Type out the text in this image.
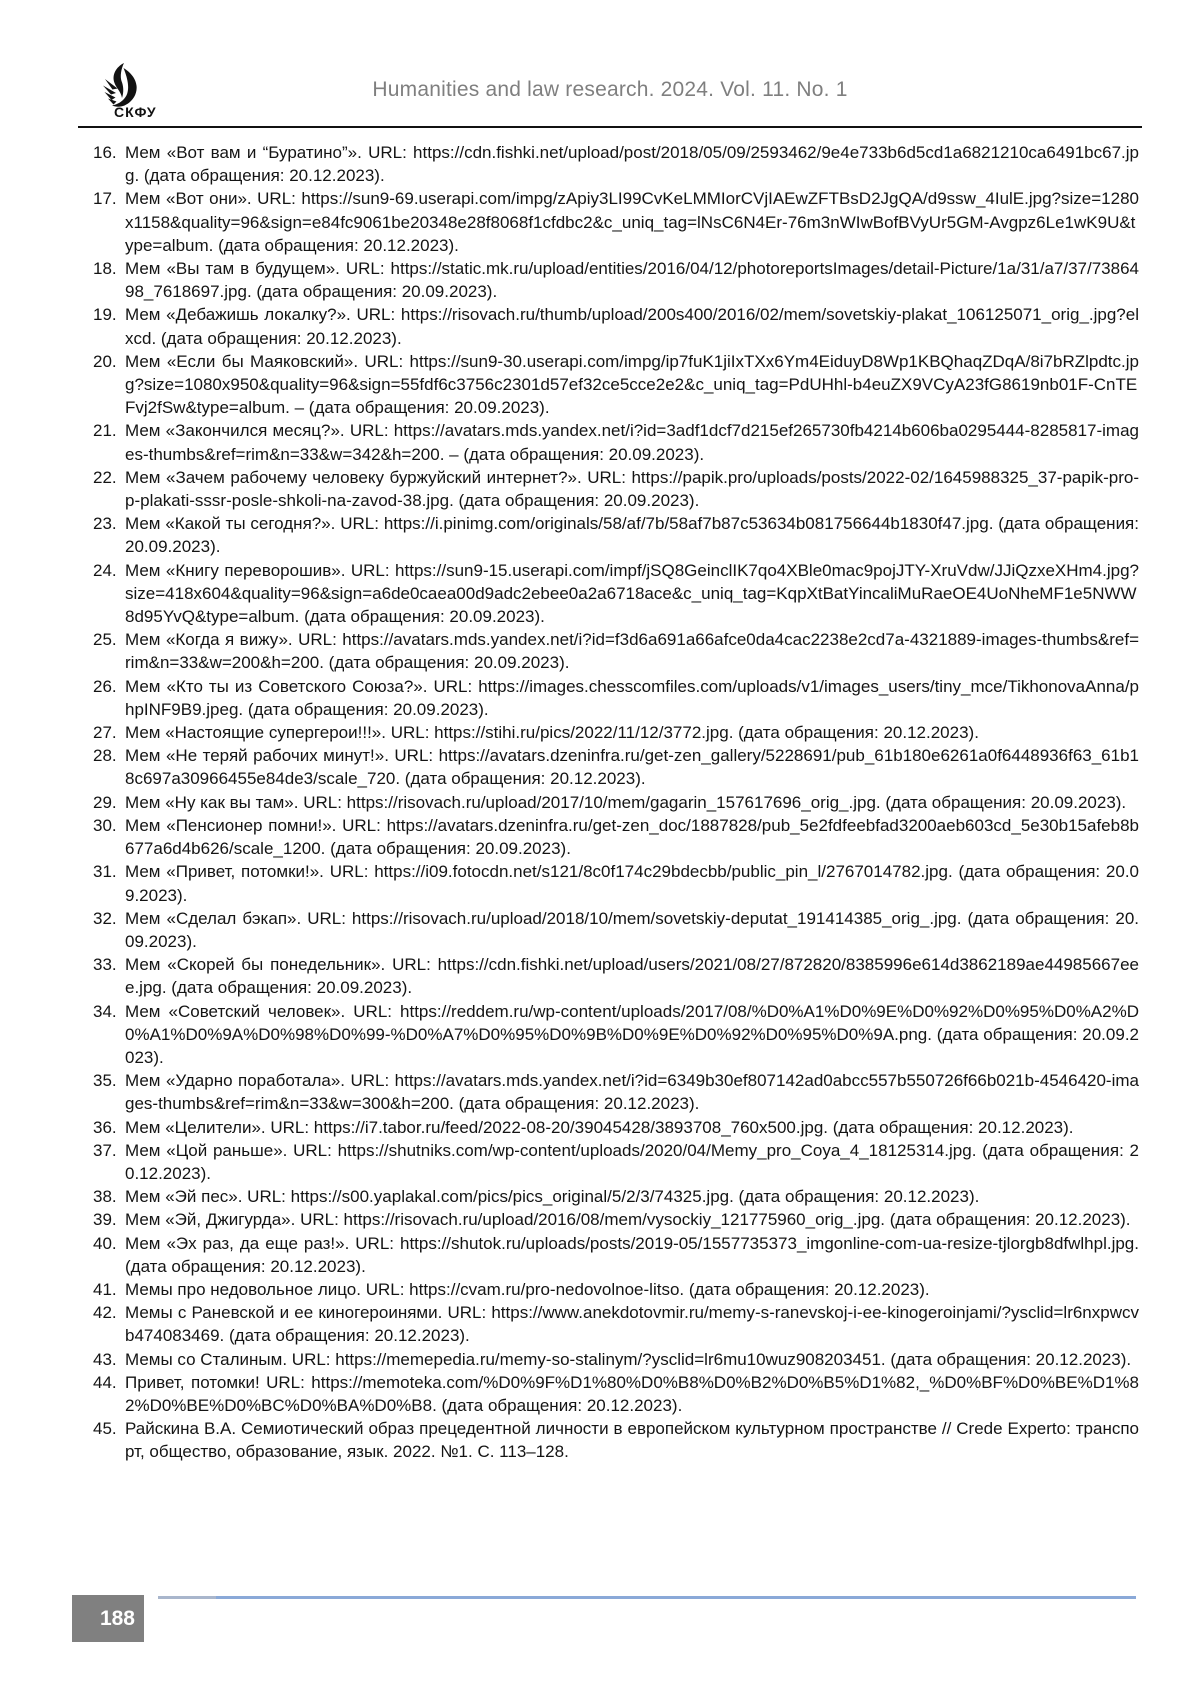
СКФУ
Humanities and law research. 2024. Vol. 11. No. 1
16. Мем «Вот вам и “Буратино”». URL: https://cdn.fishki.net/upload/post/2018/05/09/2593462/9e4e733b6d5cd1a6821210ca6491bc67.jpg. (дата обращения: 20.12.2023).
17. Мем «Вот они». URL: https://sun9-69.userapi.com/impg/zApiy3LI99CvKeLMMIorCVjIAEwZFTBsD2JgQA/d9ssw_4IulE.jpg?size=1280x1158&quality=96&sign=e84fc9061be20348e28f8068f1cfdbc2&c_uniq_tag=lNsC6N4Er-76m3nWIwBofBVyUr5GM-Avgpz6Le1wK9U&type=album. (дата обращения: 20.12.2023).
18. Мем «Вы там в будущем». URL: https://static.mk.ru/upload/entities/2016/04/12/photoreportsImages/detail-Picture/1a/31/a7/37/7386498_7618697.jpg. (дата обращения: 20.09.2023).
19. Мем «Дебажишь локалку?». URL: https://risovach.ru/thumb/upload/200s400/2016/02/mem/sovetskiy-plakat_106125071_orig_.jpg?elxcd. (дата обращения: 20.12.2023).
20. Мем «Если бы Маяковский». URL: https://sun9-30.userapi.com/impg/ip7fuK1jiIxTXx6Ym4EiduyD8Wp1KBQhaqZDqA/8i7bRZlpdtc.jpg?size=1080x950&quality=96&sign=55fdf6c3756c2301d57ef32ce5cce2e2&c_uniq_tag=PdUHhl-b4euZX9VCyA23fG8619nb01F-CnTEFvj2fSw&type=album. – (дата обращения: 20.09.2023).
21. Мем «Закончился месяц?». URL: https://avatars.mds.yandex.net/i?id=3adf1dcf7d215ef265730fb4214b606ba0295444-8285817-images-thumbs&ref=rim&n=33&w=342&h=200. – (дата обращения: 20.09.2023).
22. Мем «Зачем рабочему человеку буржуйский интернет?». URL: https://papik.pro/uploads/posts/2022-02/1645988325_37-papik-pro-p-plakati-sssr-posle-shkoli-na-zavod-38.jpg. (дата обращения: 20.09.2023).
23. Мем «Какой ты сегодня?». URL: https://i.pinimg.com/originals/58/af/7b/58af7b87c53634b081756644b1830f47.jpg. (дата обращения: 20.09.2023).
24. Мем «Книгу переворошив». URL: https://sun9-15.userapi.com/impf/jSQ8GeinclIK7qo4XBle0mac9pojJTY-XruVdw/JJiQzxeXHm4.jpg?size=418x604&quality=96&sign=a6de0caea00d9adc2ebee0a2a6718ace&c_uniq_tag=KqpXtBatYincaliMuRaeOE4UoNheMF1e5NWW8d95YvQ&type=album. (дата обращения: 20.09.2023).
25. Мем «Когда я вижу». URL: https://avatars.mds.yandex.net/i?id=f3d6a691a66afce0da4cac2238e2cd7a-4321889-images-thumbs&ref=rim&n=33&w=200&h=200. (дата обращения: 20.09.2023).
26. Мем «Кто ты из Советского Союза?». URL: https://images.chesscomfiles.com/uploads/v1/images_users/tiny_mce/TikhonovaAnna/phpINF9B9.jpeg. (дата обращения: 20.09.2023).
27. Мем «Настоящие супергерои!!!». URL: https://stihi.ru/pics/2022/11/12/3772.jpg. (дата обращения: 20.12.2023).
28. Мем «Не теряй рабочих минут!». URL: https://avatars.dzeninfra.ru/get-zen_gallery/5228691/pub_61b180e6261a0f6448936f63_61b18c697a30966455e84de3/scale_720. (дата обращения: 20.12.2023).
29. Мем «Ну как вы там». URL: https://risovach.ru/upload/2017/10/mem/gagarin_157617696_orig_.jpg. (дата обращения: 20.09.2023).
30. Мем «Пенсионер помни!». URL: https://avatars.dzeninfra.ru/get-zen_doc/1887828/pub_5e2fdfeebfad3200aeb603cd_5e30b15afeb8b677a6d4b626/scale_1200. (дата обращения: 20.09.2023).
31. Мем «Привет, потомки!». URL: https://i09.fotocdn.net/s121/8c0f174c29bdecbb/public_pin_l/2767014782.jpg. (дата обращения: 20.09.2023).
32. Мем «Сделал бэкап». URL: https://risovach.ru/upload/2018/10/mem/sovetskiy-deputat_191414385_orig_.jpg. (дата обращения: 20.09.2023).
33. Мем «Скорей бы понедельник». URL: https://cdn.fishki.net/upload/users/2021/08/27/872820/8385996e614d3862189ae44985667eee.jpg. (дата обращения: 20.09.2023).
34. Мем «Советский человек». URL: https://reddem.ru/wp-content/uploads/2017/08/%D0%A1%D0%9E%D0%92%D0%95%D0%A2%D0%A1%D0%9A%D0%98%D0%99-%D0%A7%D0%95%D0%9B%D0%9E%D0%92%D0%95%D0%9A.png. (дата обращения: 20.09.2023).
35. Мем «Ударно поработала». URL: https://avatars.mds.yandex.net/i?id=6349b30ef807142ad0abcc557b550726f66b021b-4546420-images-thumbs&ref=rim&n=33&w=300&h=200. (дата обращения: 20.12.2023).
36. Мем «Целители». URL: https://i7.tabor.ru/feed/2022-08-20/39045428/3893708_760x500.jpg. (дата обращения: 20.12.2023).
37. Мем «Цой раньше». URL: https://shutniks.com/wp-content/uploads/2020/04/Memy_pro_Coya_4_18125314.jpg. (дата обращения: 20.12.2023).
38. Мем «Эй пес». URL: https://s00.yaplakal.com/pics/pics_original/5/2/3/74325.jpg. (дата обращения: 20.12.2023).
39. Мем «Эй, Джигурда». URL: https://risovach.ru/upload/2016/08/mem/vysockiy_121775960_orig_.jpg. (дата обращения: 20.12.2023).
40. Мем «Эх раз, да еще раз!». URL: https://shutok.ru/uploads/posts/2019-05/1557735373_imgonline-com-ua-resize-tjlorgb8dfwlhpl.jpg. (дата обращения: 20.12.2023).
41. Мемы про недовольное лицо. URL: https://cvam.ru/pro-nedovolnoe-litso. (дата обращения: 20.12.2023).
42. Мемы с Раневской и ее киногероинями. URL: https://www.anekdotovmir.ru/memy-s-ranevskoj-i-ee-kinogeroinjami/?ysclid=lr6nxpwcvb474083469. (дата обращения: 20.12.2023).
43. Мемы со Сталиным. URL: https://memepedia.ru/memy-so-stalinym/?ysclid=lr6mu10wuz908203451. (дата обращения: 20.12.2023).
44. Привет, потомки! URL: https://memoteka.com/%D0%9F%D1%80%D0%B8%D0%B2%D0%B5%D1%82,_%D0%BF%D0%BE%D1%82%D0%BE%D0%BC%D0%BA%D0%B8. (дата обращения: 20.12.2023).
45. Райскина В.А. Семиотический образ прецедентной личности в европейском культурном пространстве // Crede Experto: транспорт, общество, образование, язык. 2022. №1. С. 113–128.
188
